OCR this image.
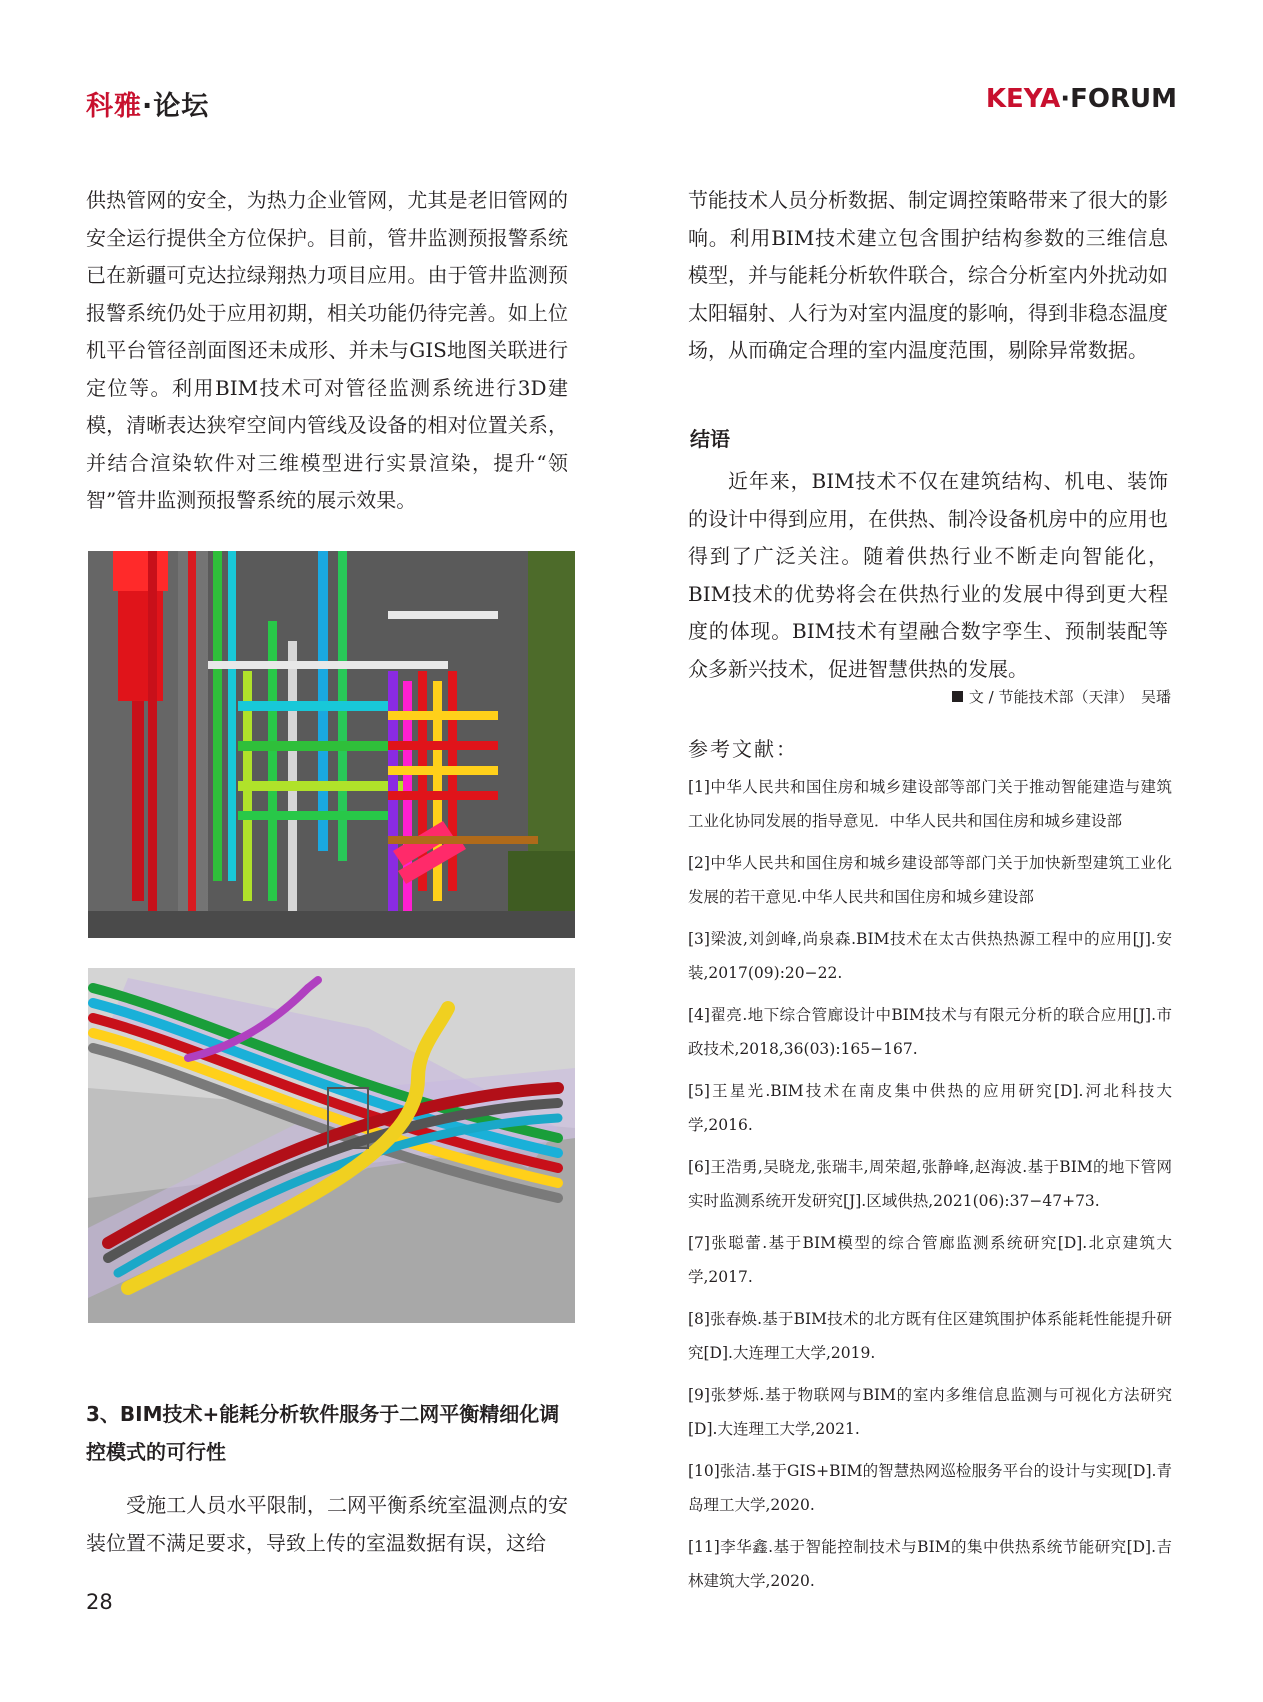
科雅·论坛	KEYA·FORUM

供热管网的安全，为热力企业管网，尤其是老旧管网的安全运行提供全方位保护。目前，管井监测预报警系统已在新疆可克达拉绿翔热力项目应用。由于管井监测预报警系统仍处于应用初期，相关功能仍待完善。如上位机平台管径剖面图还未成形、并未与GIS地图关联进行定位等。利用BIM技术可对管径监测系统进行3D建模，清晰表达狭窄空间内管线及设备的相对位置关系，并结合渲染软件对三维模型进行实景渲染，提升“领智”管井监测预报警系统的展示效果。

3、BIM技术+能耗分析软件服务于二网平衡精细化调控模式的可行性

受施工人员水平限制，二网平衡系统室温测点的安装位置不满足要求，导致上传的室温数据有误，这给

节能技术人员分析数据、制定调控策略带来了很大的影响。利用BIM技术建立包含围护结构参数的三维信息模型，并与能耗分析软件联合，综合分析室内外扰动如太阳辐射、人行为对室内温度的影响，得到非稳态温度场，从而确定合理的室内温度范围，剔除异常数据。

结语

近年来，BIM技术不仅在建筑结构、机电、装饰的设计中得到应用，在供热、制冷设备机房中的应用也得到了广泛关注。随着供热行业不断走向智能化，BIM技术的优势将会在供热行业的发展中得到更大程度的体现。BIM技术有望融合数字孪生、预制装配等众多新兴技术，促进智慧供热的发展。

文 / 节能技术部（天津）　吴璠
参考文献：

[1]中华人民共和国住房和城乡建设部等部门关于推动智能建造与建筑工业化协同发展的指导意见．中华人民共和国住房和城乡建设部

[2]中华人民共和国住房和城乡建设部等部门关于加快新型建筑工业化发展的若干意见.中华人民共和国住房和城乡建设部

[3]梁波,刘剑峰,尚泉森.BIM技术在太古供热热源工程中的应用[J].安装,2017(09):20−22.

[4]翟亮.地下综合管廊设计中BIM技术与有限元分析的联合应用[J].市政技术,2018,36(03):165−167.

[5]王星光.BIM技术在南皮集中供热的应用研究[D].河北科技大学,2016.

[6]王浩勇,吴晓龙,张瑞丰,周荣超,张静峰,赵海波.基于BIM的地下管网实时监测系统开发研究[J].区域供热,2021(06):37−47+73.

[7]张聪蕾.基于BIM模型的综合管廊监测系统研究[D].北京建筑大学,2017.

[8]张春焕.基于BIM技术的北方既有住区建筑围护体系能耗性能提升研究[D].大连理工大学,2019.

[9]张梦烁.基于物联网与BIM的室内多维信息监测与可视化方法研究[D].大连理工大学,2021.

[10]张洁.基于GIS+BIM的智慧热网巡检服务平台的设计与实现[D].青岛理工大学,2020.

[11]李华鑫.基于智能控制技术与BIM的集中供热系统节能研究[D].吉林建筑大学,2020.

28
